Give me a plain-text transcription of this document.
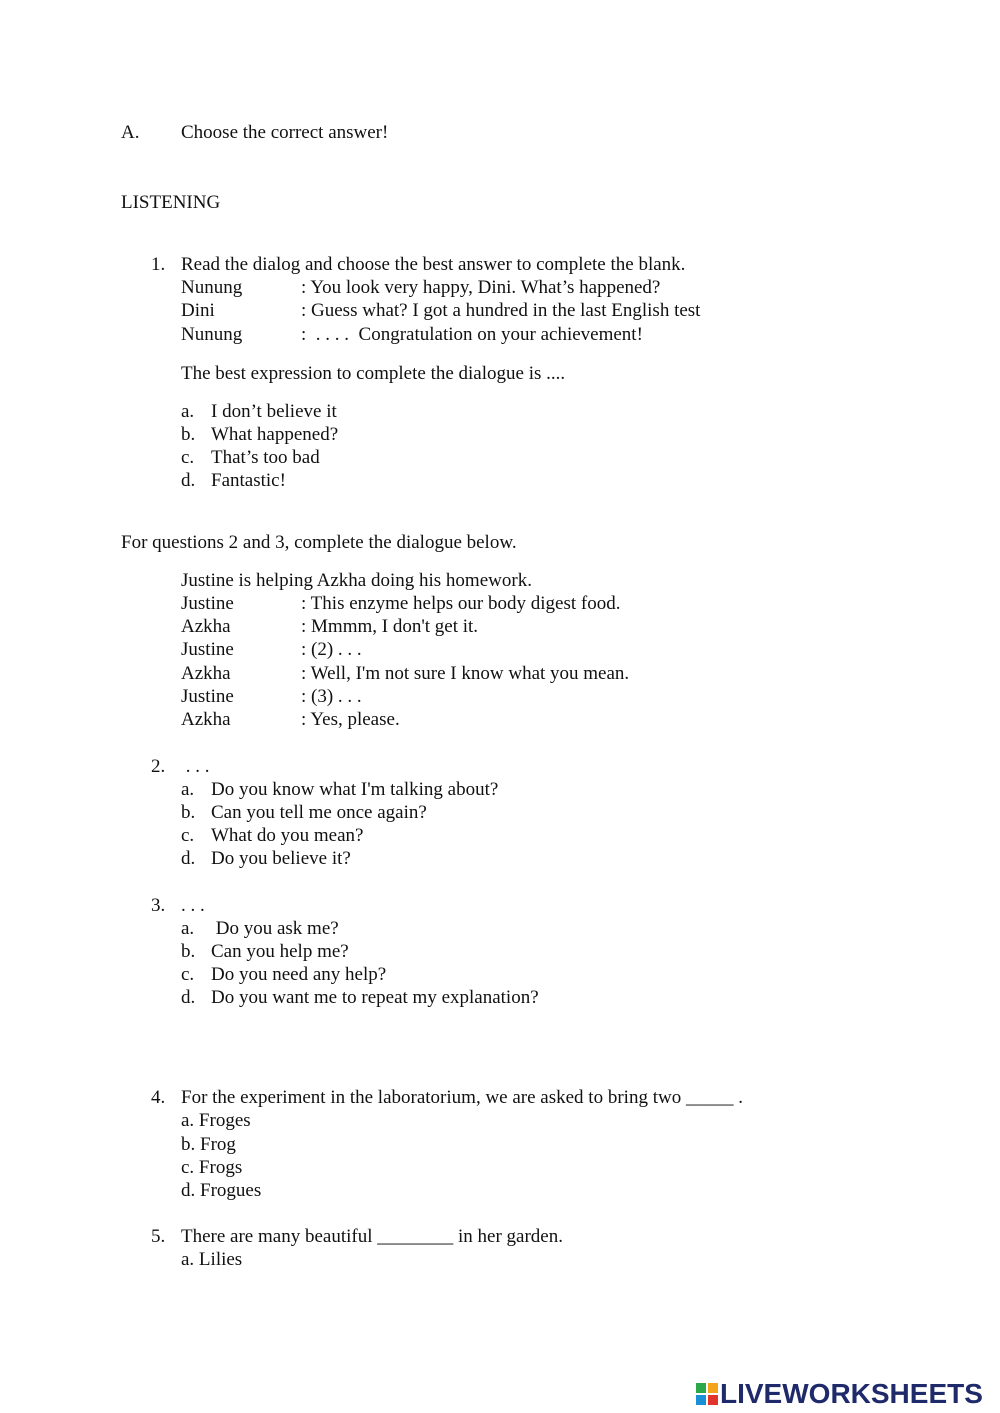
A. Choose the correct answer!
LISTENING
1. Read the dialog and choose the best answer to complete the blank.
Nunung	: You look very happy, Dini. What’s happened?
Dini	: Guess what? I got a hundred in the last English test
Nunung	:  . . . .  Congratulation on your achievement!
The best expression to complete the dialogue is ....
a. I don’t believe it
b. What happened?
c. That’s too bad
d. Fantastic!
For questions 2 and 3, complete the dialogue below.
Justine is helping Azkha doing his homework.
Justine	: This enzyme helps our body digest food.
Azkha	: Mmmm, I don't get it.
Justine	: (2) . . .
Azkha	: Well, I'm not sure I know what you mean.
Justine	: (3) . . .
Azkha	: Yes, please.
2. . . .
a. Do you know what I'm talking about?
b. Can you tell me once again?
c. What do you mean?
d. Do you believe it?
3. . . .
a. Do you ask me?
b. Can you help me?
c. Do you need any help?
d. Do you want me to repeat my explanation?
4. For the experiment in the laboratorium, we are asked to bring two _____ .
a. Froges
b. Frog
c. Frogs
d. Frogues
5. There are many beautiful ________ in her garden.
a. Lilies
LIVEWORKSHEETS
